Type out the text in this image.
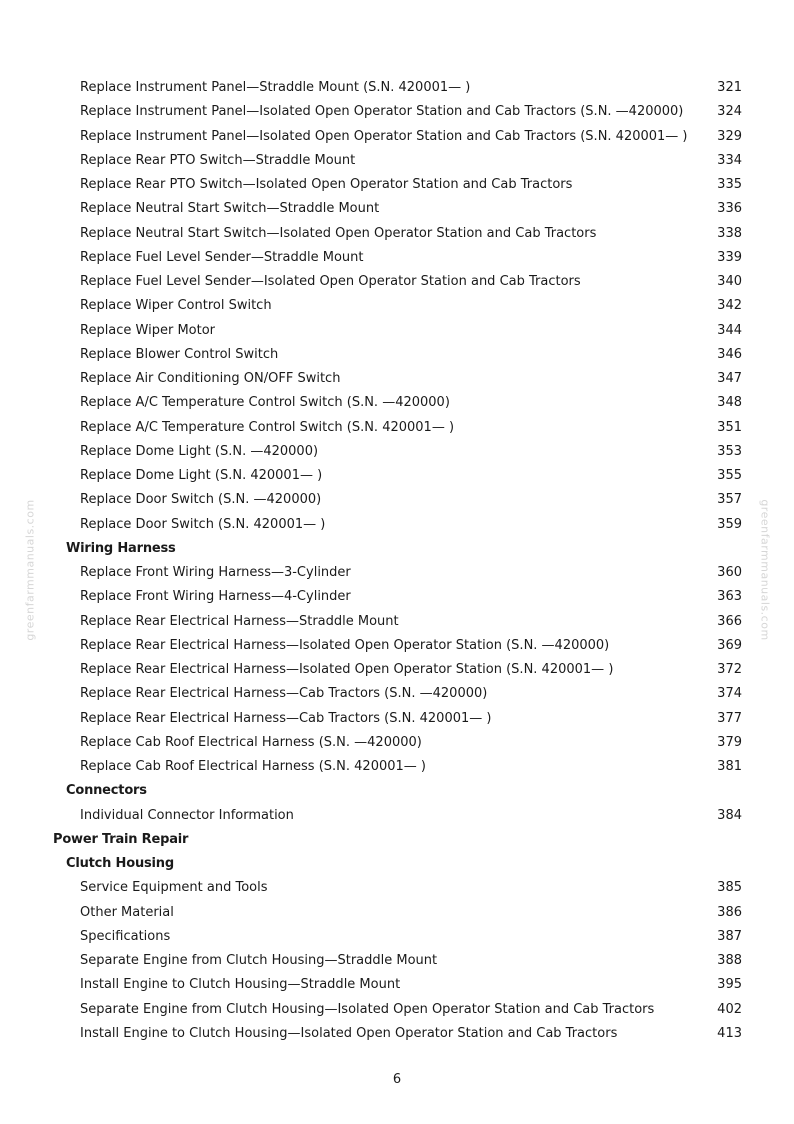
greenfarmmanuals.com	greenfarmmanuals.com
Replace Instrument Panel—Straddle Mount (S.N. 420001— )	321
Replace Instrument Panel—Isolated Open Operator Station and Cab Tractors (S.N. —420000)	324
Replace Instrument Panel—Isolated Open Operator Station and Cab Tractors (S.N. 420001— ) 329
Replace Rear PTO Switch—Straddle Mount	334
Replace Rear PTO Switch—Isolated Open Operator Station and Cab Tractors	335
Replace Neutral Start Switch—Straddle Mount	336
Replace Neutral Start Switch—Isolated Open Operator Station and Cab Tractors	338
Replace Fuel Level Sender—Straddle Mount	339
Replace Fuel Level Sender—Isolated Open Operator Station and Cab Tractors	340
Replace Wiper Control Switch	342
Replace Wiper Motor	344
Replace Blower Control Switch	346
Replace Air Conditioning ON/OFF Switch	347
Replace A/C Temperature Control Switch (S.N. —420000)	348
Replace A/C Temperature Control Switch (S.N. 420001— )	351
Replace Dome Light (S.N. —420000)	353
Replace Dome Light (S.N. 420001— )	355
Replace Door Switch (S.N. —420000)	357
Replace Door Switch (S.N. 420001— )	359
Wiring Harness
Replace Front Wiring Harness—3-Cylinder	360
Replace Front Wiring Harness—4-Cylinder	363
Replace Rear Electrical Harness—Straddle Mount	366
Replace Rear Electrical Harness—Isolated Open Operator Station (S.N. —420000)	369
Replace Rear Electrical Harness—Isolated Open Operator Station (S.N. 420001— )	372
Replace Rear Electrical Harness—Cab Tractors (S.N. —420000)	374
Replace Rear Electrical Harness—Cab Tractors (S.N. 420001— )	377
Replace Cab Roof Electrical Harness (S.N. —420000)	379
Replace Cab Roof Electrical Harness (S.N. 420001— )	381
Connectors
Individual Connector Information	384
Power Train Repair
Clutch Housing
Service Equipment and Tools	385
Other Material	386
Specifications	387
Separate Engine from Clutch Housing—Straddle Mount	388
Install Engine to Clutch Housing—Straddle Mount	395
Separate Engine from Clutch Housing—Isolated Open Operator Station and Cab Tractors	402
Install Engine to Clutch Housing—Isolated Open Operator Station and Cab Tractors	413
6
